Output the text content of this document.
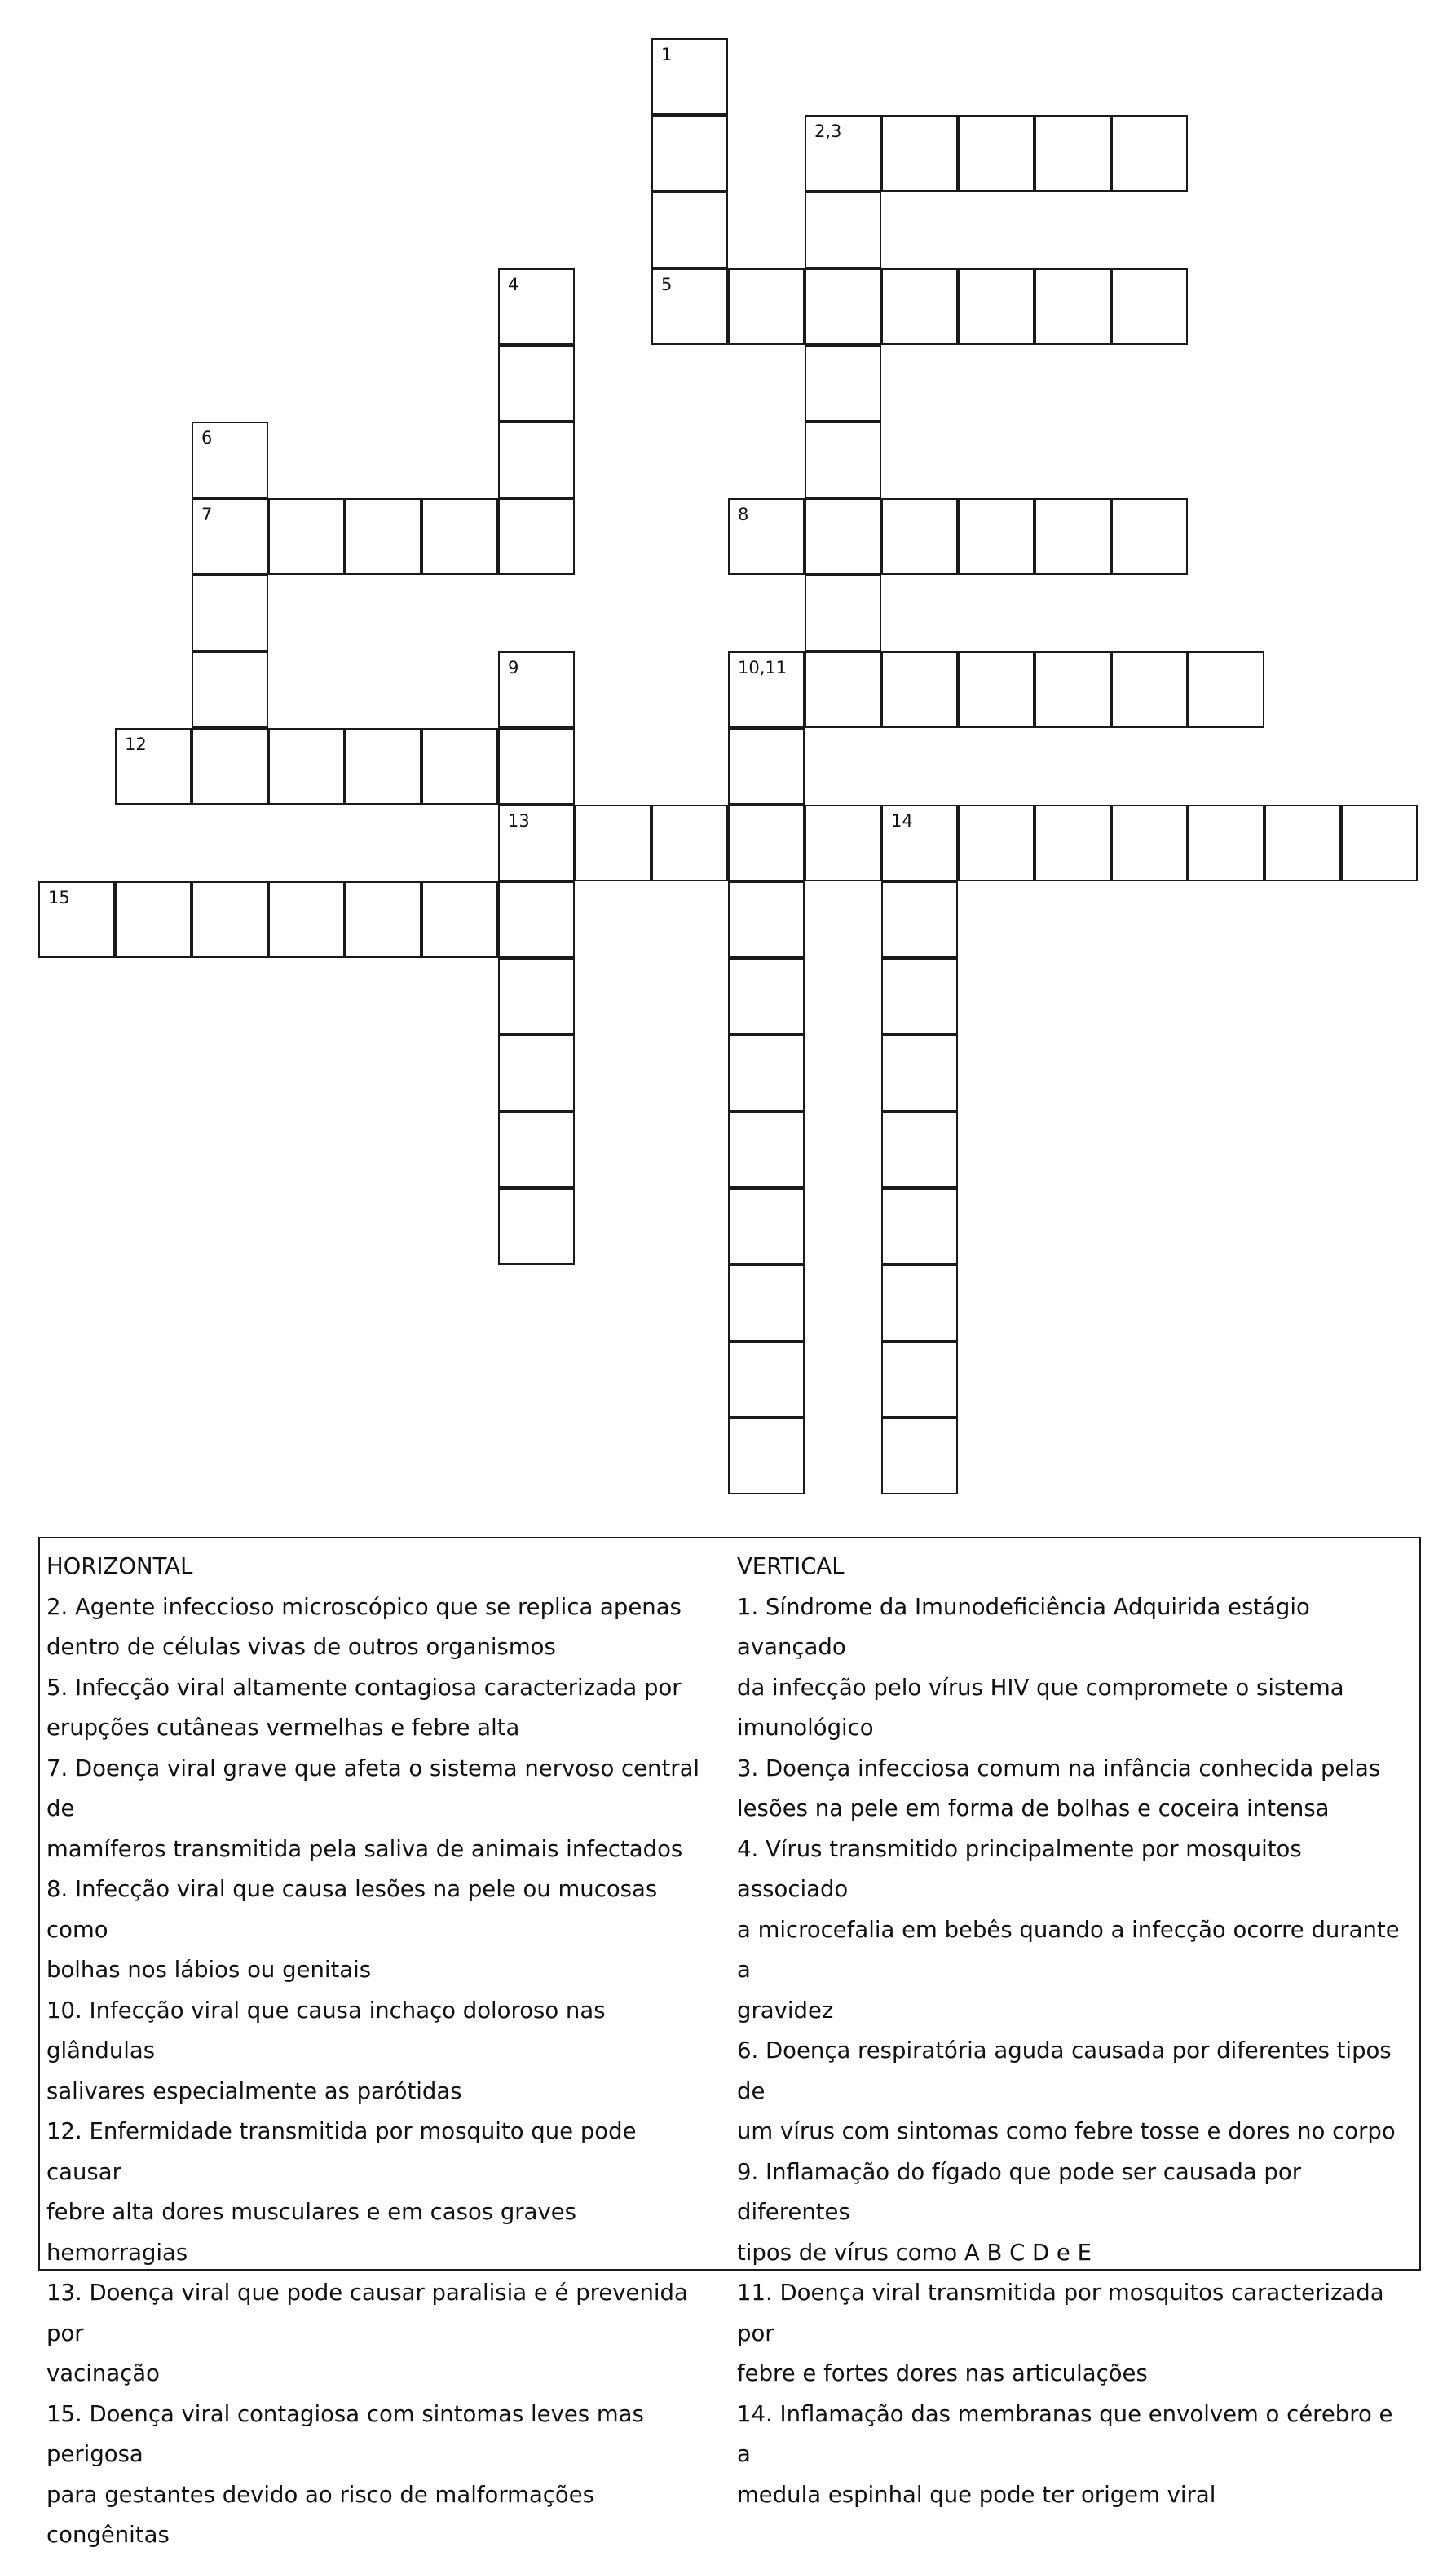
1
2,3
5
4
6
7	8
9	10,11
12
13	14
15
HORIZONTAL
2. Agente infeccioso microscópico que se replica apenas
dentro de células vivas de outros organismos
5. Infecção viral altamente contagiosa caracterizada por
erupções cutâneas vermelhas e febre alta
7. Doença viral grave que afeta o sistema nervoso central de
mamíferos transmitida pela saliva de animais infectados
8. Infecção viral que causa lesões na pele ou mucosas como
bolhas nos lábios ou genitais
10. Infecção viral que causa inchaço doloroso nas glândulas
salivares especialmente as parótidas
12. Enfermidade transmitida por mosquito que pode causar
febre alta dores musculares e em casos graves hemorragias
13. Doença viral que pode causar paralisia e é prevenida por
vacinação
15. Doença viral contagiosa com sintomas leves mas perigosa
para gestantes devido ao risco de malformações congênitas
VERTICAL
1. Síndrome da Imunodeficiência Adquirida estágio avançado
da infecção pelo vírus HIV que compromete o sistema
imunológico
3. Doença infecciosa comum na infância conhecida pelas
lesões na pele em forma de bolhas e coceira intensa
4. Vírus transmitido principalmente por mosquitos associado
a microcefalia em bebês quando a infecção ocorre durante a
gravidez
6. Doença respiratória aguda causada por diferentes tipos de
um vírus com sintomas como febre tosse e dores no corpo
9. Inflamação do fígado que pode ser causada por diferentes
tipos de vírus como A B C D e E
11. Doença viral transmitida por mosquitos caracterizada por
febre e fortes dores nas articulações
14. Inflamação das membranas que envolvem o cérebro e a
medula espinhal que pode ter origem viral
